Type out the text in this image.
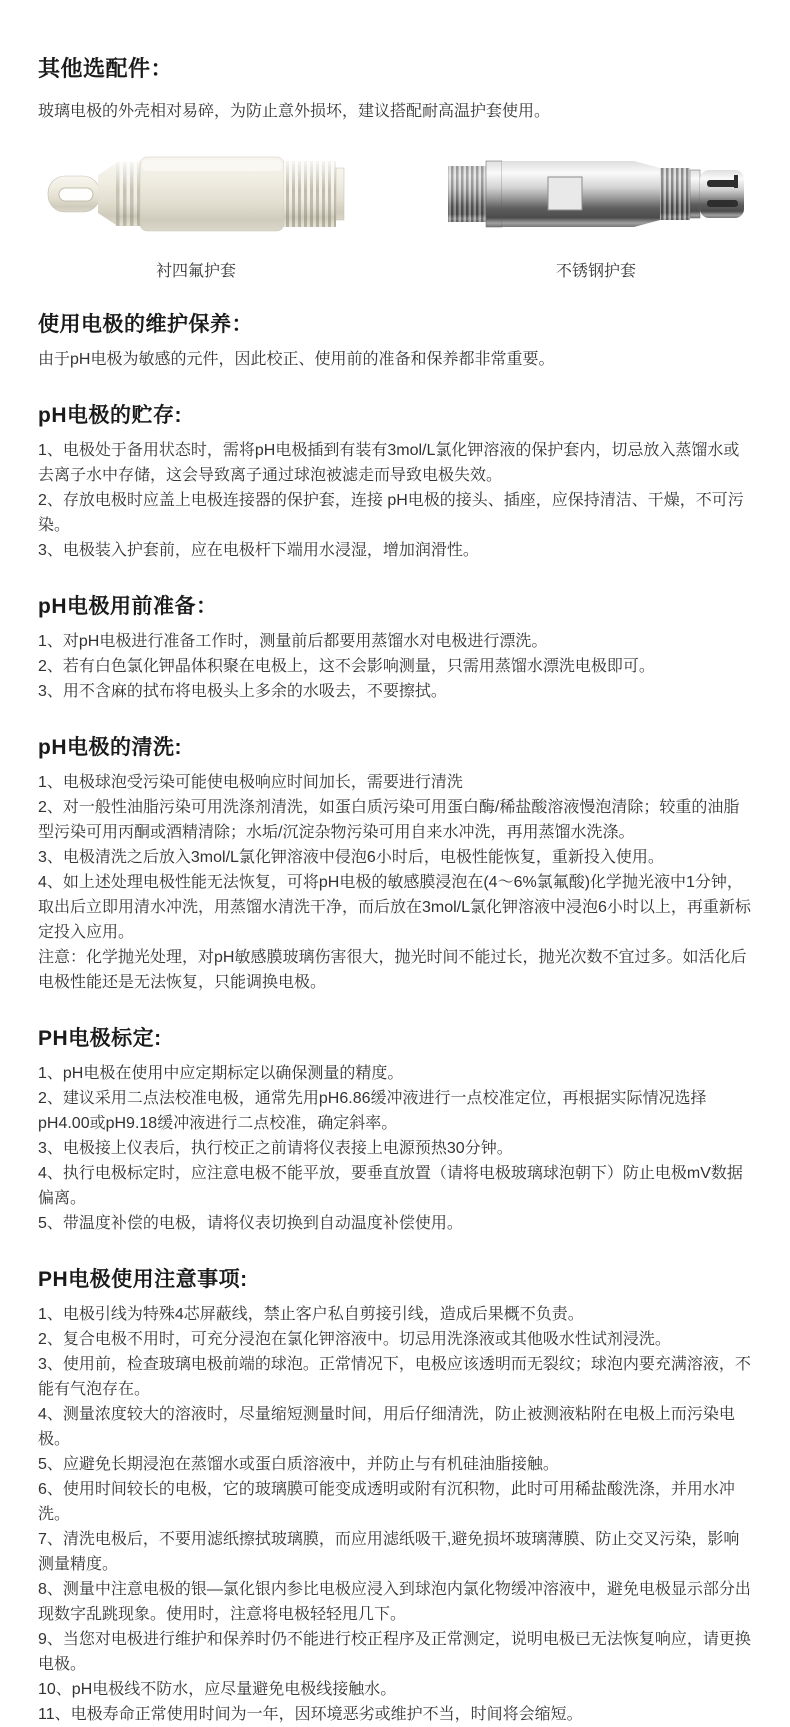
其他选配件：

玻璃电极的外壳相对易碎，为防止意外损坏，建议搭配耐高温护套使用。

衬四氟护套	不锈钢护套
使用电极的维护保养：

由于pH电极为敏感的元件，因此校正、使用前的准备和保养都非常重要。

pH电极的贮存:

1、电极处于备用状态时，需将pH电极插到有装有3mol/L氯化钾溶液的保护套内，切忌放入蒸馏水或去离子水中存储，这会导致离子通过球泡被滤走而导致电极失效。

2、存放电极时应盖上电极连接器的保护套，连接 pH电极的接头、插座，应保持清洁、干燥，不可污染。

3、电极装入护套前，应在电极杆下端用水浸湿，增加润滑性。

pH电极用前准备：

1、对pH电极进行准备工作时，测量前后都要用蒸馏水对电极进行漂洗。

2、若有白色氯化钾晶体积聚在电极上，这不会影响测量，只需用蒸馏水漂洗电极即可。

3、用不含麻的拭布将电极头上多余的水吸去，不要擦拭。

pH电极的清洗:

1、电极球泡受污染可能使电极响应时间加长，需要进行清洗

2、对一般性油脂污染可用洗涤剂清洗，如蛋白质污染可用蛋白酶/稀盐酸溶液慢泡清除；较重的油脂型污染可用丙酮或酒精清除；水垢/沉淀杂物污染可用自来水冲洗，再用蒸馏水洗涤。

3、电极清洗之后放入3mol/L氯化钾溶液中侵泡6小时后，电极性能恢复，重新投入使用。

4、如上述处理电极性能无法恢复，可将pH电极的敏感膜浸泡在(4～6%氯氟酸)化学抛光液中1分钟，取出后立即用清水冲洗，用蒸馏水清洗干净，而后放在3mol/L氯化钾溶液中浸泡6小时以上，再重新标定投入应用。

注意：化学抛光处理，对pH敏感膜玻璃伤害很大，抛光时间不能过长，抛光次数不宜过多。如活化后电极性能还是无法恢复，只能调换电极。

PH电极标定:

1、pH电极在使用中应定期标定以确保测量的精度。

2、建议采用二点法校准电极，通常先用pH6.86缓冲液进行一点校准定位，再根据实际情况选择pH4.00或pH9.18缓冲液进行二点校准，确定斜率。

3、电极接上仪表后，执行校正之前请将仪表接上电源预热30分钟。

4、执行电极标定时，应注意电极不能平放，要垂直放置（请将电极玻璃球泡朝下）防止电极mV数据偏离。

5、带温度补偿的电极，请将仪表切换到自动温度补偿使用。

PH电极使用注意事项:

1、电极引线为特殊4芯屏蔽线，禁止客户私自剪接引线，造成后果概不负责。

2、复合电极不用时，可充分浸泡在氯化钾溶液中。切忌用洗涤液或其他吸水性试剂浸洗。

3、使用前，检查玻璃电极前端的球泡。正常情况下，电极应该透明而无裂纹；球泡内要充满溶液，不能有气泡存在。

4、测量浓度较大的溶液时，尽量缩短测量时间，用后仔细清洗，防止被测液粘附在电极上而污染电极。

5、应避免长期浸泡在蒸馏水或蛋白质溶液中，并防止与有机硅油脂接触。

6、使用时间较长的电极，它的玻璃膜可能变成透明或附有沉积物，此时可用稀盐酸洗涤，并用水冲洗。

7、清洗电极后，不要用滤纸擦拭玻璃膜，而应用滤纸吸干,避免损坏玻璃薄膜、防止交叉污染，影响测量精度。

8、测量中注意电极的银—氯化银内参比电极应浸入到球泡内氯化物缓冲溶液中，避免电极显示部分出现数字乱跳现象。使用时，注意将电极轻轻甩几下。

9、当您对电极进行维护和保养时仍不能进行校正程序及正常测定，说明电极已无法恢复响应，请更换电极。

10、pH电极线不防水，应尽量避免电极线接触水。

11、电极寿命正常使用时间为一年，因环境恶劣或维护不当，时间将会缩短。
